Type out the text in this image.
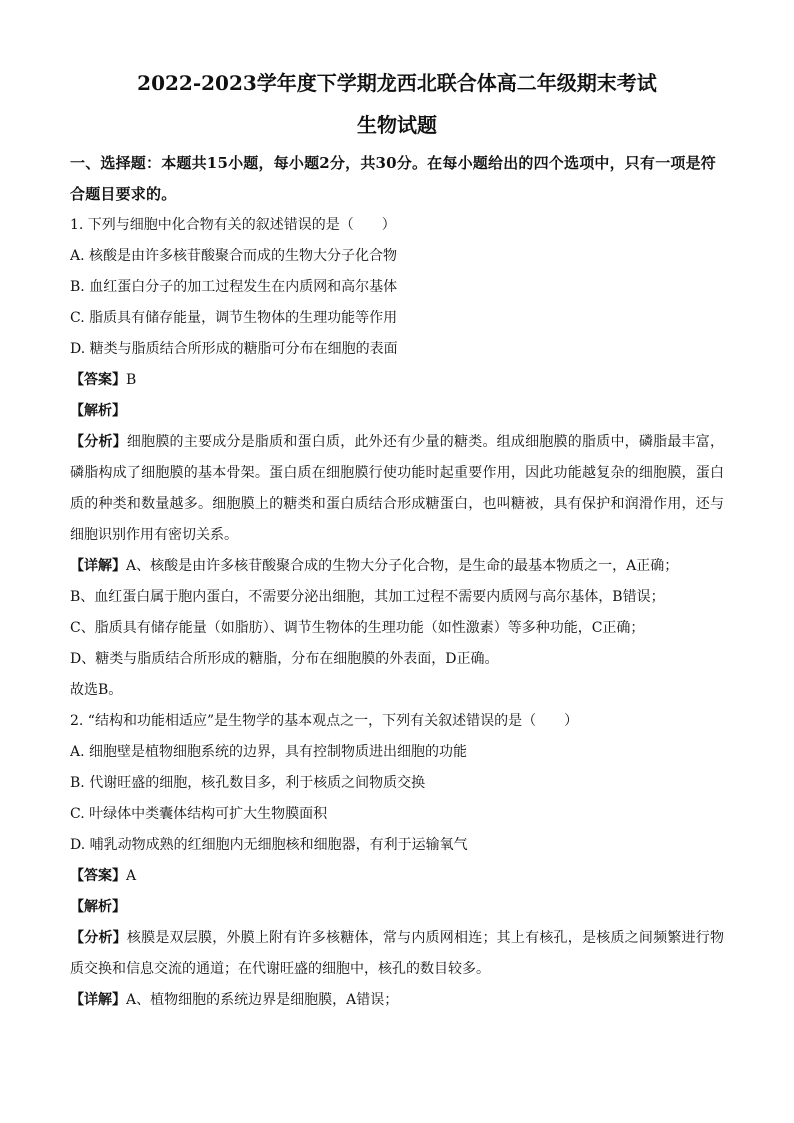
2022-2023学年度下学期龙西北联合体高二年级期末考试

生物试题

一、选择题：本题共15小题，每小题2分，共30分。在每小题给出的四个选项中，只有一项是符合题目要求的。

1. 下列与细胞中化合物有关的叙述错误的是（　　）

A. 核酸是由许多核苷酸聚合而成的生物大分子化合物

B. 血红蛋白分子的加工过程发生在内质网和高尔基体

C. 脂质具有储存能量，调节生物体的生理功能等作用

D. 糖类与脂质结合所形成的糖脂可分布在细胞的表面

【答案】B

【解析】

【分析】细胞膜的主要成分是脂质和蛋白质，此外还有少量的糖类。组成细胞膜的脂质中，磷脂最丰富，磷脂构成了细胞膜的基本骨架。蛋白质在细胞膜行使功能时起重要作用，因此功能越复杂的细胞膜，蛋白质的种类和数量越多。细胞膜上的糖类和蛋白质结合形成糖蛋白，也叫糖被，具有保护和润滑作用，还与细胞识别作用有密切关系。

【详解】A、核酸是由许多核苷酸聚合成的生物大分子化合物，是生命的最基本物质之一，A正确；

B、血红蛋白属于胞内蛋白，不需要分泌出细胞，其加工过程不需要内质网与高尔基体，B错误；

C、脂质具有储存能量（如脂肪）、调节生物体的生理功能（如性激素）等多种功能，C正确；

D、糖类与脂质结合所形成的糖脂，分布在细胞膜的外表面，D正确。

故选B。

2. “结构和功能相适应”是生物学的基本观点之一，下列有关叙述错误的是（　　）

A. 细胞壁是植物细胞系统的边界，具有控制物质进出细胞的功能

B. 代谢旺盛的细胞，核孔数目多，利于核质之间物质交换

C. 叶绿体中类囊体结构可扩大生物膜面积

D. 哺乳动物成熟的红细胞内无细胞核和细胞器，有利于运输氧气

【答案】A

【解析】

【分析】核膜是双层膜，外膜上附有许多核糖体，常与内质网相连；其上有核孔，是核质之间频繁进行物质交换和信息交流的通道；在代谢旺盛的细胞中，核孔的数目较多。

【详解】A、植物细胞的系统边界是细胞膜，A错误；
